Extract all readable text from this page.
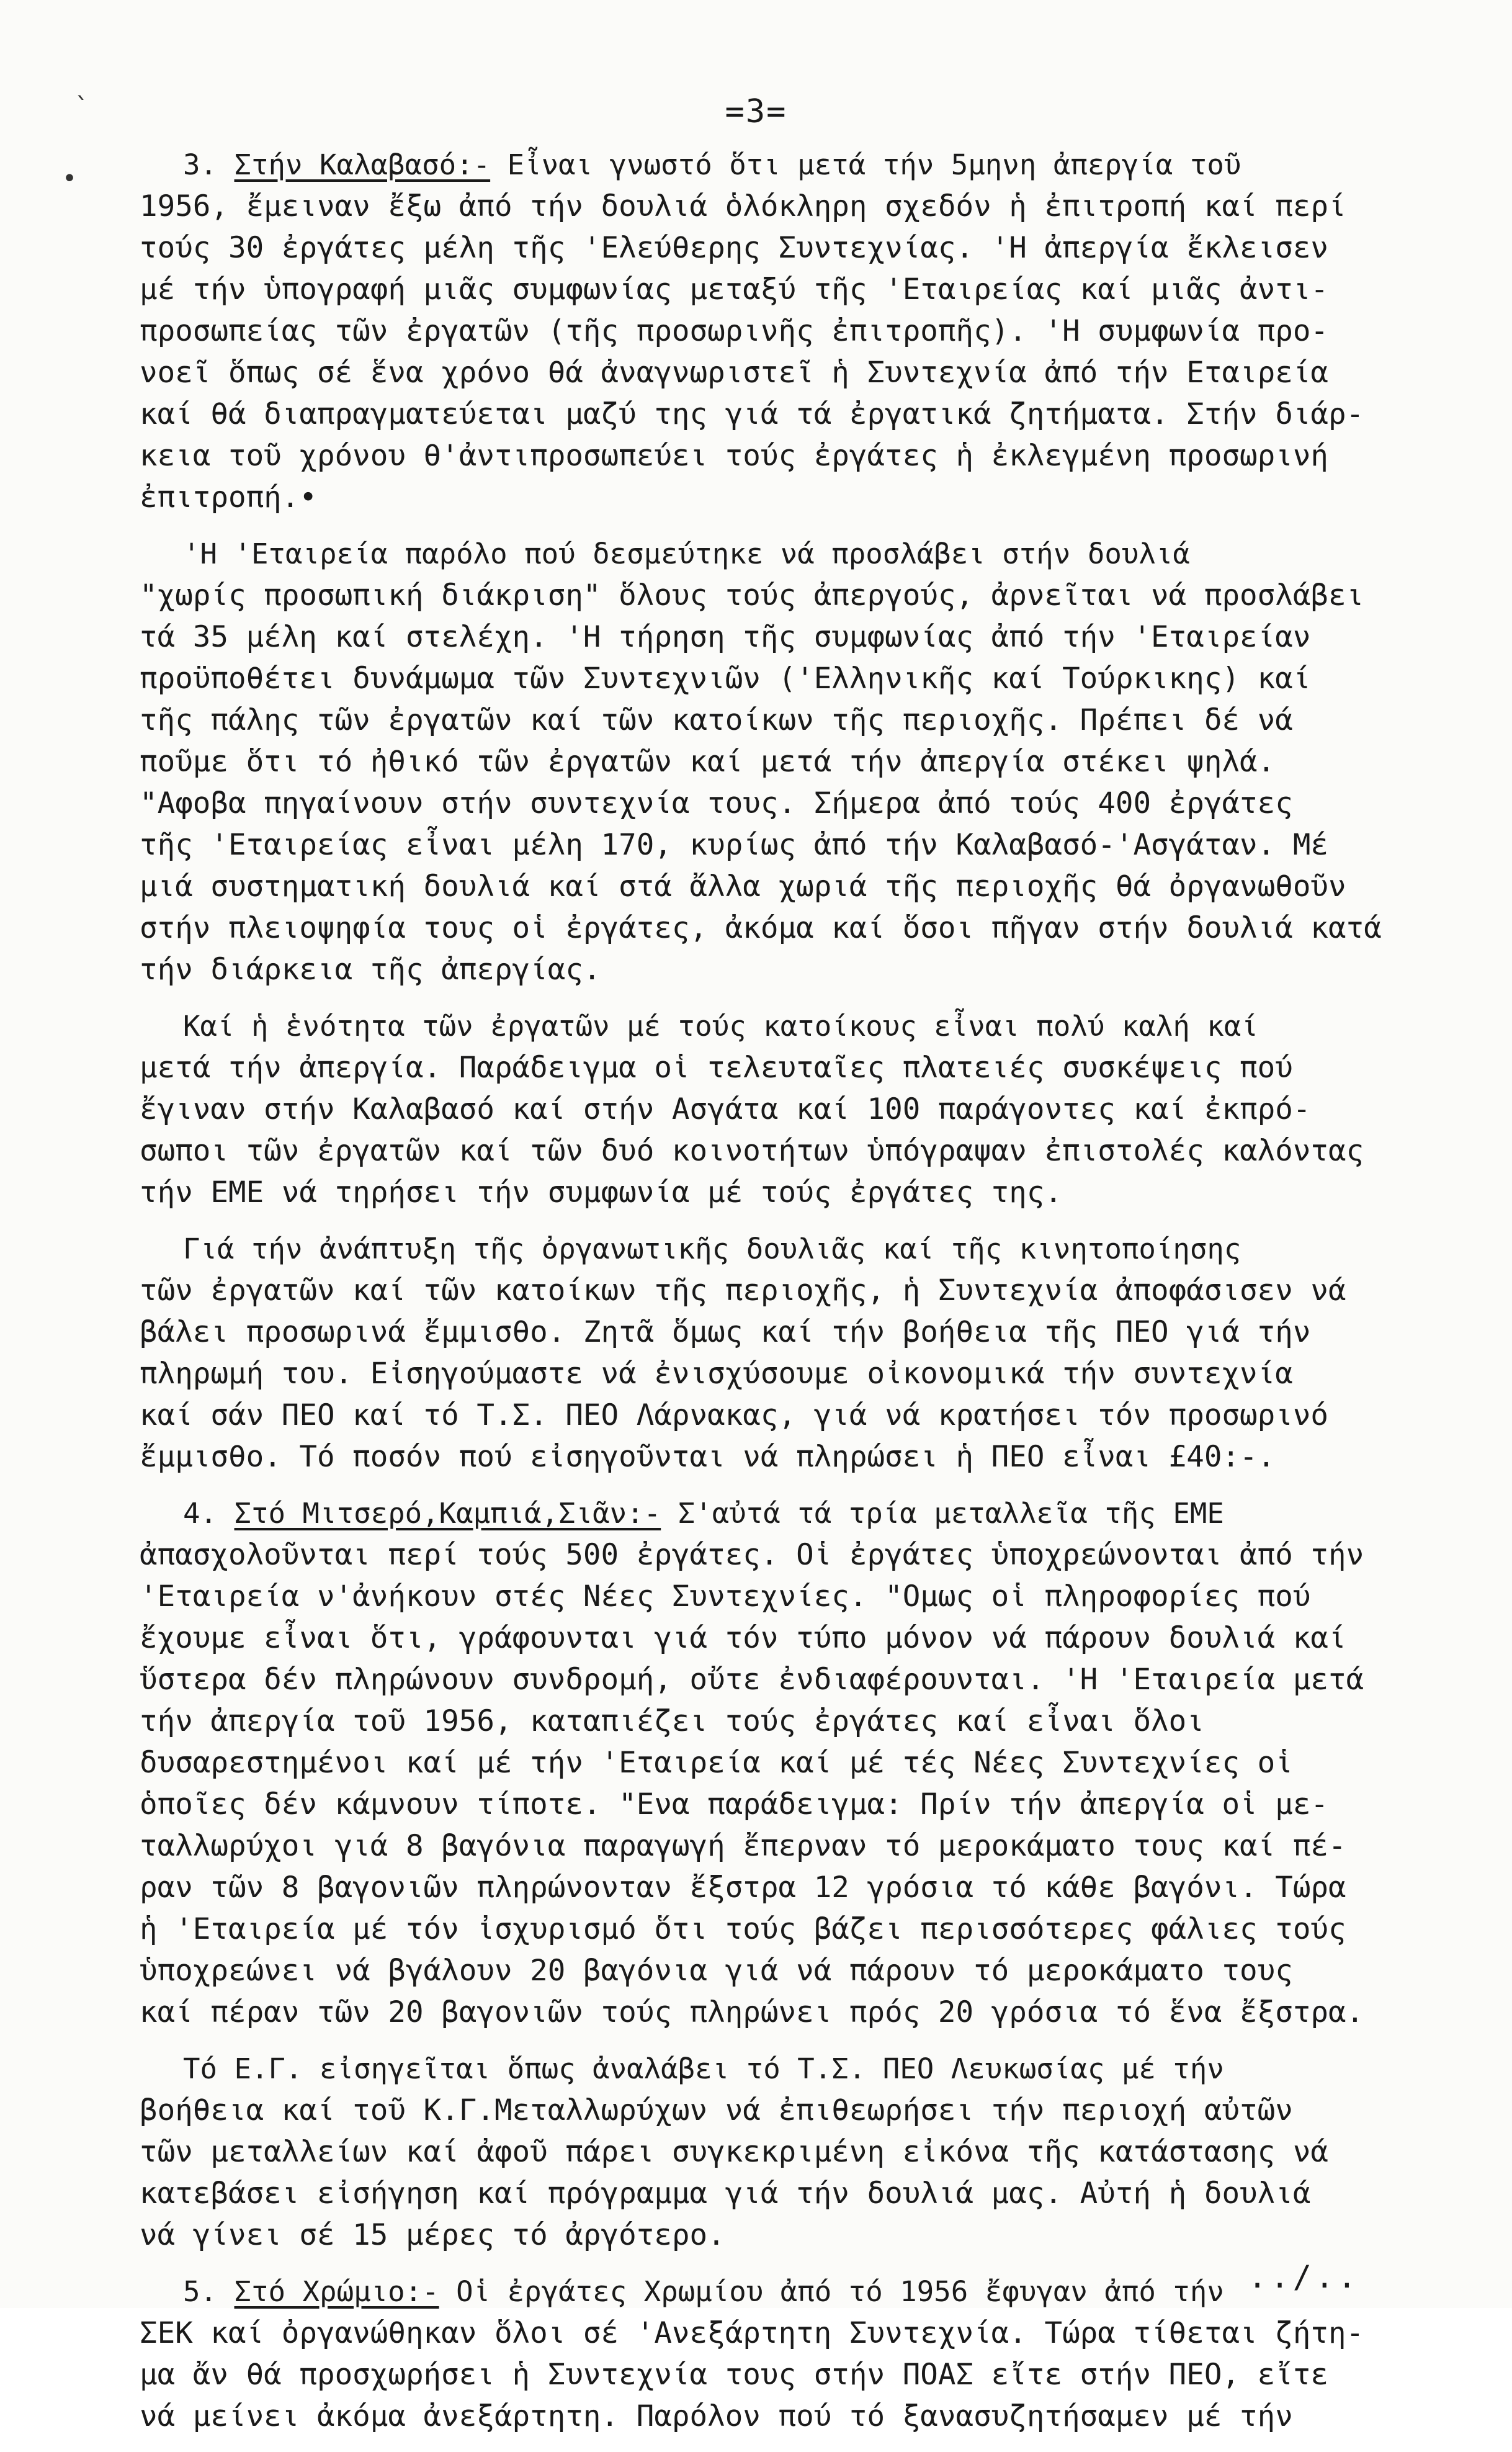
`
•
=3=
3. Στήν Καλαβασό:- Εἶναι γνωστό ὅτι μετά τήν 5μηνη ἀπεργία τοῦ
1956, ἔμειναν ἔξω ἀπό τήν δουλιά ὁλόκληρη σχεδόν ἡ ἐπιτροπή καί περί
τούς 30 ἐργάτες μέλη τῆς 'Ελεύθερης Συντεχνίας. 'Η ἀπεργία ἔκλεισεν
μέ τήν ὑπογραφή μιᾶς συμφωνίας μεταξύ τῆς 'Εταιρείας καί μιᾶς ἀντι-
προσωπείας τῶν ἐργατῶν (τῆς προσωρινῆς ἐπιτροπῆς). 'Η συμφωνία προ-
νοεῖ ὅπως σέ ἕνα χρόνο θά ἀναγνωριστεῖ ἡ Συντεχνία ἀπό τήν Εταιρεία
καί θά διαπραγματεύεται μαζύ της γιά τά ἐργατικά ζητήματα. Στήν διάρ-
κεια τοῦ χρόνου θ'ἀντιπροσωπεύει τούς ἐργάτες ἡ ἐκλεγμένη προσωρινή
ἐπιτροπή.•
'Η 'Εταιρεία παρόλο πού δεσμεύτηκε νά προσλάβει στήν δουλιά
"χωρίς προσωπική διάκριση" ὅλους τούς ἀπεργούς, ἀρνεῖται νά προσλάβει
τά 35 μέλη καί στελέχη. 'Η τήρηση τῆς συμφωνίας ἀπό τήν 'Εταιρείαν
προϋποθέτει δυνάμωμα τῶν Συντεχνιῶν ('Ελληνικῆς καί Τούρκικης) καί
τῆς πάλης τῶν ἐργατῶν καί τῶν κατοίκων τῆς περιοχῆς. Πρέπει δέ νά
ποῦμε ὅτι τό ἠθικό τῶν ἐργατῶν καί μετά τήν ἀπεργία στέκει ψηλά.
"Αφοβα πηγαίνουν στήν συντεχνία τους. Σήμερα ἀπό τούς 400 ἐργάτες
τῆς 'Εταιρείας εἶναι μέλη 170, κυρίως ἀπό τήν Καλαβασό-'Ασγάταν. Μέ
μιά συστηματική δουλιά καί στά ἄλλα χωριά τῆς περιοχῆς θά ὀργανωθοῦν
στήν πλειοψηφία τους οἱ ἐργάτες, ἀκόμα καί ὅσοι πῆγαν στήν δουλιά κατά
τήν διάρκεια τῆς ἀπεργίας.
Καί ἡ ἑνότητα τῶν ἐργατῶν μέ τούς κατοίκους εἶναι πολύ καλή καί
μετά τήν ἀπεργία. Παράδειγμα οἱ τελευταῖες πλατειές συσκέψεις πού
ἔγιναν στήν Καλαβασό καί στήν Ασγάτα καί 100 παράγοντες καί ἐκπρό-
σωποι τῶν ἐργατῶν καί τῶν δυό κοινοτήτων ὑπόγραψαν ἐπιστολές καλόντας
τήν ΕΜΕ νά τηρήσει τήν συμφωνία μέ τούς ἐργάτες της.
Γιά τήν ἀνάπτυξη τῆς ὀργανωτικῆς δουλιᾶς καί τῆς κινητοποίησης
τῶν ἐργατῶν καί τῶν κατοίκων τῆς περιοχῆς, ἡ Συντεχνία ἀποφάσισεν νά
βάλει προσωρινά ἔμμισθο. Ζητᾶ ὅμως καί τήν βοήθεια τῆς ΠΕΟ γιά τήν
πληρωμή του. Εἰσηγούμαστε νά ἐνισχύσουμε οἰκονομικά τήν συντεχνία
καί σάν ΠΕΟ καί τό Τ.Σ. ΠΕΟ Λάρνακας, γιά νά κρατήσει τόν προσωρινό
ἔμμισθο. Τό ποσόν πού εἰσηγοῦνται νά πληρώσει ἡ ΠΕΟ εἶναι £40:-.
4. Στό Μιτσερό,Καμπιά,Σιᾶν:- Σ'αὐτά τά τρία μεταλλεῖα τῆς ΕΜΕ
ἀπασχολοῦνται περί τούς 500 ἐργάτες. Οἱ ἐργάτες ὑποχρεώνονται ἀπό τήν
'Εταιρεία ν'ἀνήκουν στές Νέες Συντεχνίες. "Ομως οἱ πληροφορίες πού
ἔχουμε εἶναι ὅτι, γράφουνται γιά τόν τύπο μόνον νά πάρουν δουλιά καί
ὕστερα δέν πληρώνουν συνδρομή, οὔτε ἐνδιαφέρουνται. 'Η 'Εταιρεία μετά
τήν ἀπεργία τοῦ 1956, καταπιέζει τούς ἐργάτες καί εἶναι ὅλοι
δυσαρεστημένοι καί μέ τήν 'Εταιρεία καί μέ τές Νέες Συντεχνίες οἱ
ὁποῖες δέν κάμνουν τίποτε. "Ενα παράδειγμα: Πρίν τήν ἀπεργία οἱ με-
ταλλωρύχοι γιά 8 βαγόνια παραγωγή ἔπερναν τό μεροκάματο τους καί πέ-
ραν τῶν 8 βαγονιῶν πληρώνονταν ἔξστρα 12 γρόσια τό κάθε βαγόνι. Τώρα
ἡ 'Εταιρεία μέ τόν ἰσχυρισμό ὅτι τούς βάζει περισσότερες φάλιες τούς
ὑποχρεώνει νά βγάλουν 20 βαγόνια γιά νά πάρουν τό μεροκάματο τους
καί πέραν τῶν 20 βαγονιῶν τούς πληρώνει πρός 20 γρόσια τό ἕνα ἔξστρα.
Τό Ε.Γ. εἰσηγεῖται ὅπως ἀναλάβει τό Τ.Σ. ΠΕΟ Λευκωσίας μέ τήν
βοήθεια καί τοῦ Κ.Γ.Μεταλλωρύχων νά ἐπιθεωρήσει τήν περιοχή αὐτῶν
τῶν μεταλλείων καί ἀφοῦ πάρει συγκεκριμένη εἰκόνα τῆς κατάστασης νά
κατεβάσει εἰσήγηση καί πρόγραμμα γιά τήν δουλιά μας. Αὐτή ἡ δουλιά
νά γίνει σέ 15 μέρες τό ἀργότερο.
5. Στό Χρώμιο:- Οἱ ἐργάτες Χρωμίου ἀπό τό 1956 ἔφυγαν ἀπό τήν
ΣΕΚ καί ὀργανώθηκαν ὅλοι σέ 'Ανεξάρτητη Συντεχνία. Τώρα τίθεται ζήτη-
μα ἄν θά προσχωρήσει ἡ Συντεχνία τους στήν ΠΟΑΣ εἴτε στήν ΠΕΟ, εἴτε
νά μείνει ἀκόμα ἀνεξάρτητη. Παρόλον πού τό ξανασυζητήσαμεν μέ τήν
../..
